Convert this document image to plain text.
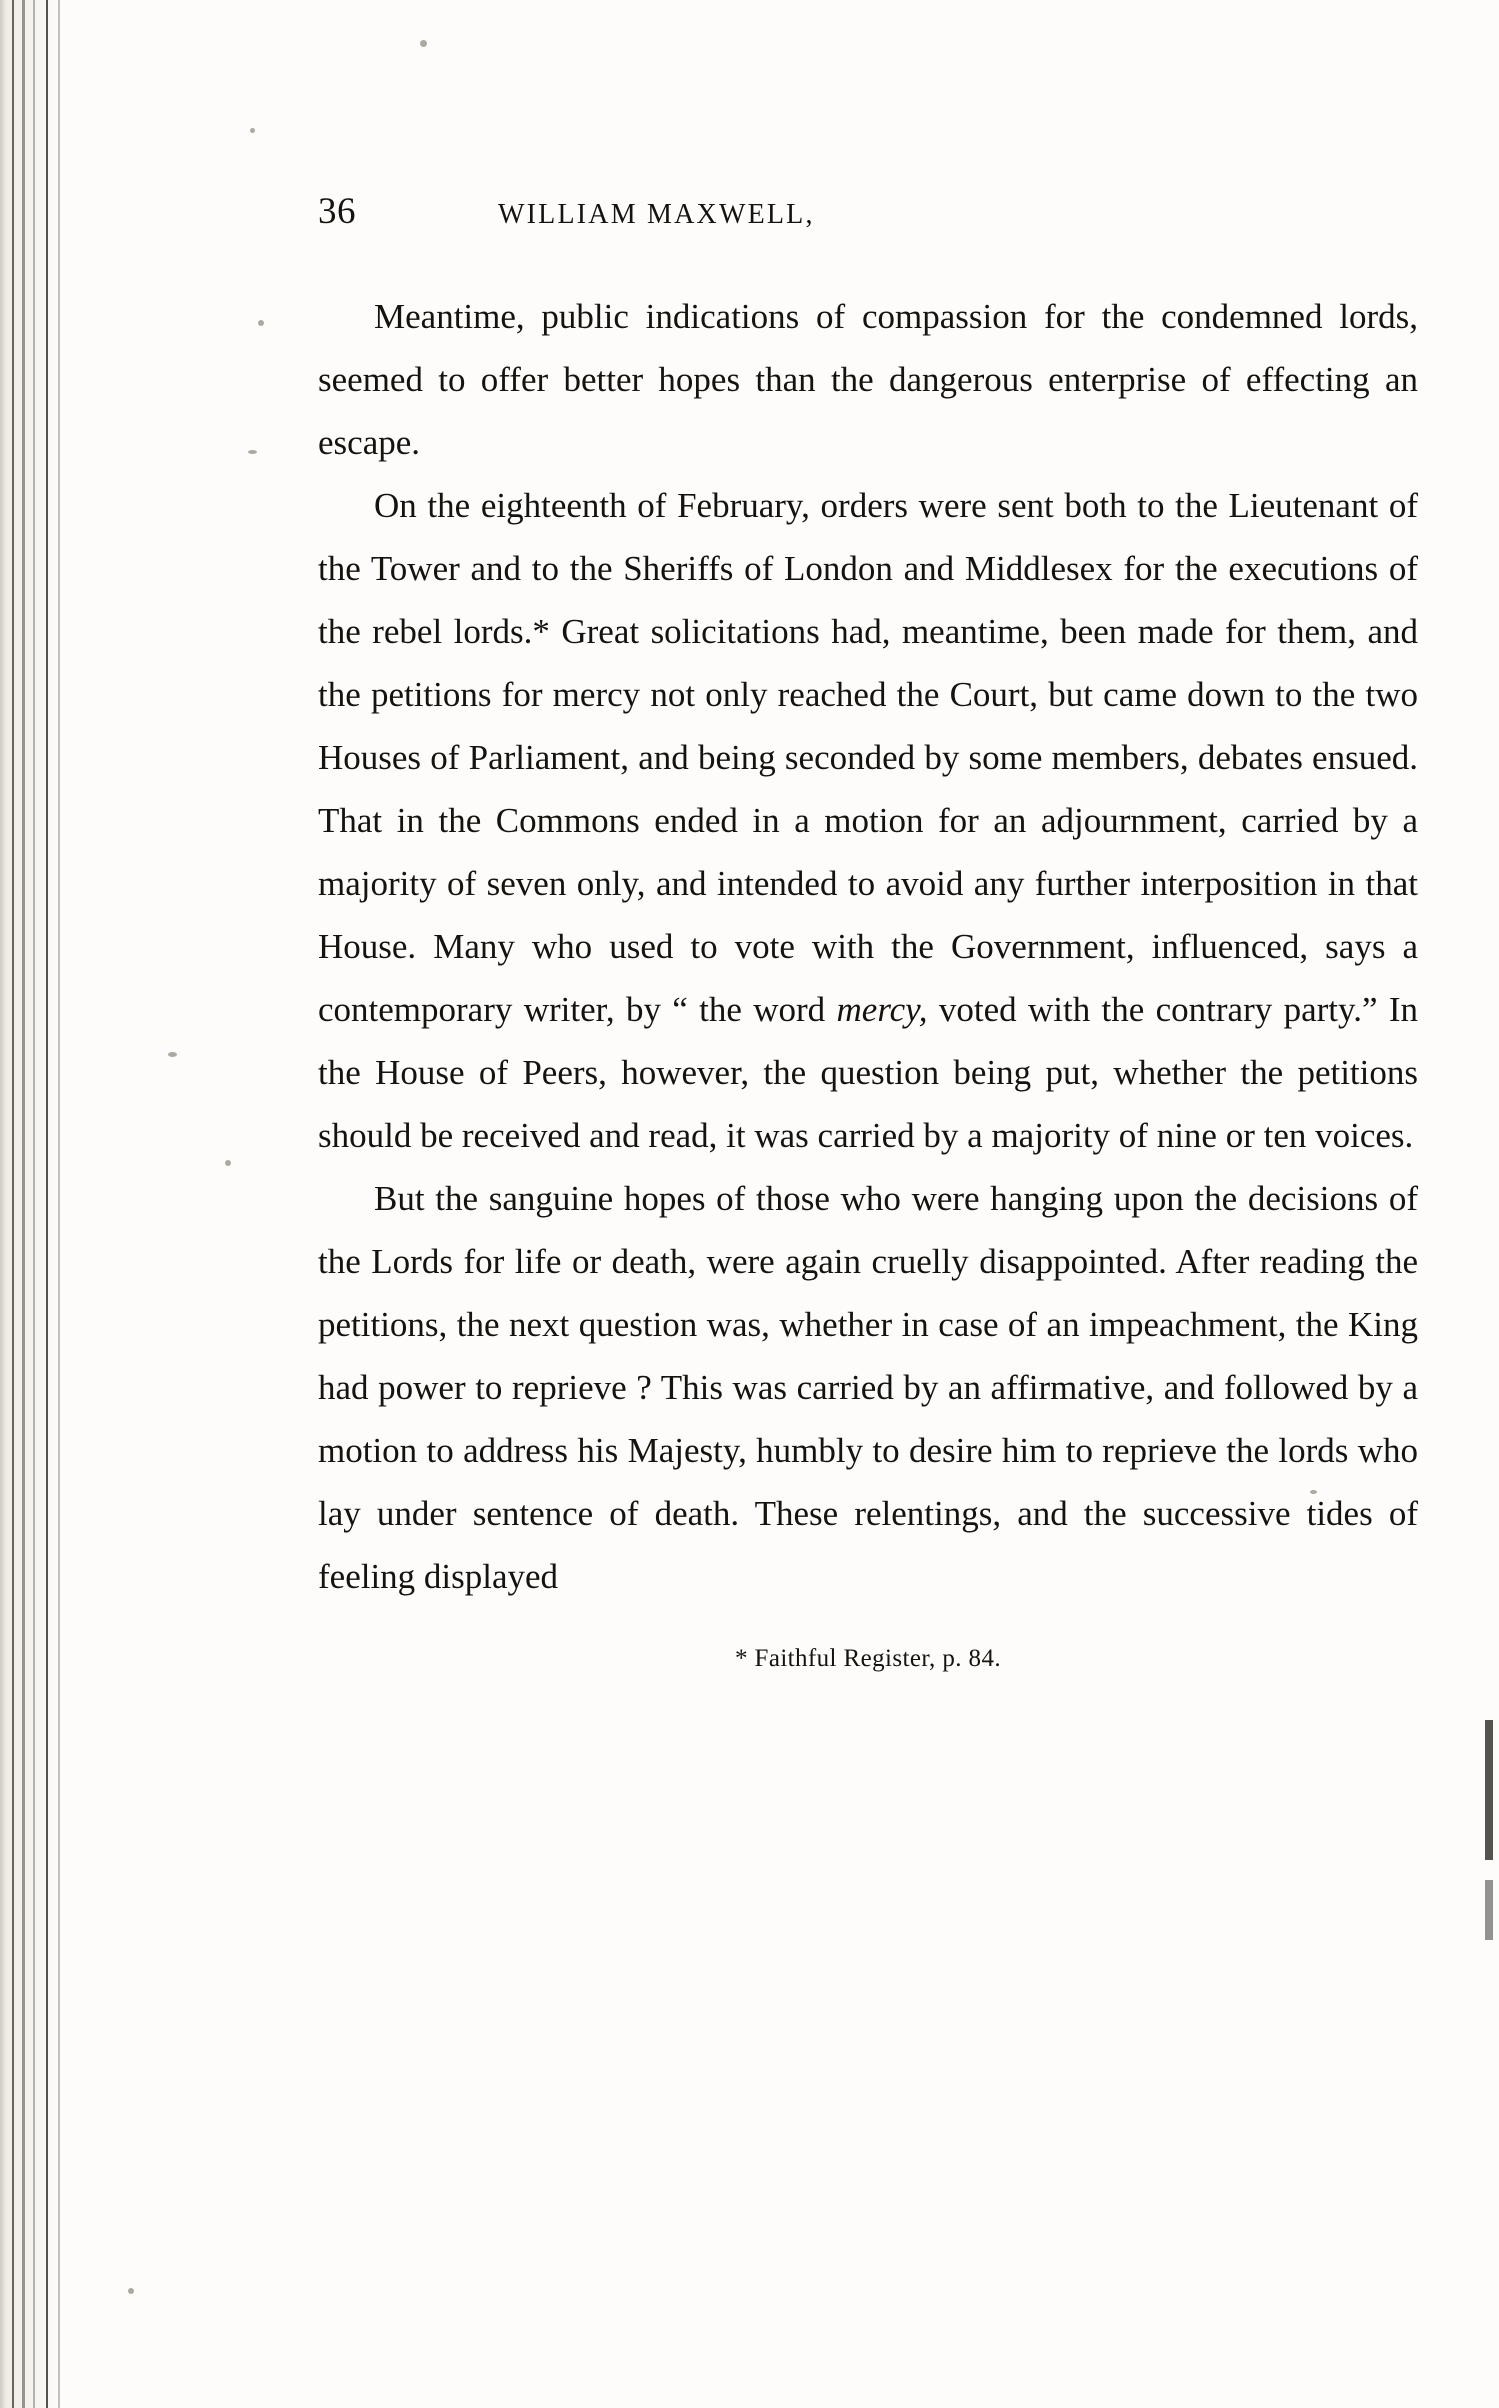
36	WILLIAM MAXWELL,

Meantime, public indications of compassion for the condemned lords, seemed to offer better hopes than the dangerous enterprise of effecting an escape.

On the eighteenth of February, orders were sent both to the Lieutenant of the Tower and to the Sheriffs of London and Middlesex for the executions of the rebel lords.* Great solicitations had, meantime, been made for them, and the petitions for mercy not only reached the Court, but came down to the two Houses of Parliament, and being seconded by some members, debates ensued. That in the Commons ended in a motion for an adjournment, carried by a majority of seven only, and intended to avoid any further interposition in that House. Many who used to vote with the Government, influenced, says a contemporary writer, by “ the word mercy, voted with the contrary party.” In the House of Peers, however, the question being put, whether the petitions should be received and read, it was carried by a majority of nine or ten voices.

But the sanguine hopes of those who were hanging upon the decisions of the Lords for life or death, were again cruelly disappointed. After reading the petitions, the next question was, whether in case of an impeachment, the King had power to reprieve ? This was carried by an affirmative, and followed by a motion to address his Majesty, humbly to desire him to reprieve the lords who lay under sentence of death. These relentings, and the successive tides of feeling displayed

* Faithful Register, p. 84.
